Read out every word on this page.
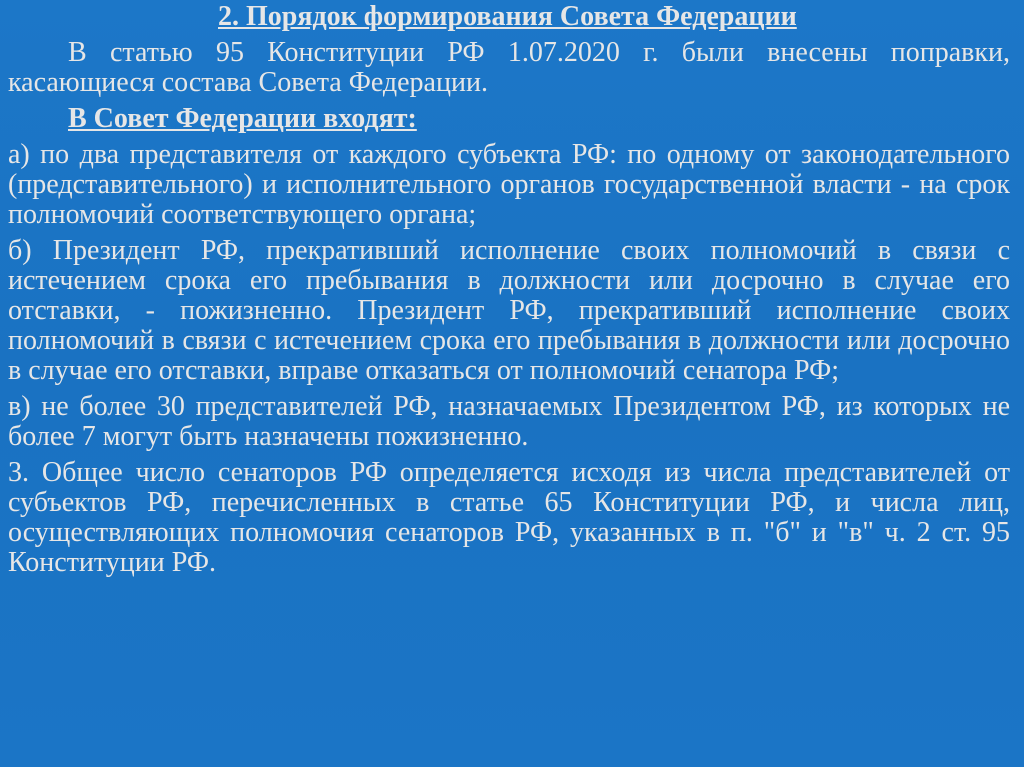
2. Порядок формирования Совета Федерации

В статью 95 Конституции РФ 1.07.2020 г. были внесены поправки, касающиеся состава Совета Федерации.

В Совет Федерации входят:

а) по два представителя от каждого субъекта РФ: по одному от законодательного (представительного) и исполнительного органов государственной власти - на срок полномочий соответствующего органа;

б) Президент РФ, прекративший исполнение своих полномочий в связи с истечением срока его пребывания в должности или досрочно в случае его отставки, - пожизненно. Президент РФ, прекративший исполнение своих полномочий в связи с истечением срока его пребывания в должности или досрочно в случае его отставки, вправе отказаться от полномочий сенатора РФ;

в) не более 30 представителей РФ, назначаемых Президентом РФ, из которых не более 7 могут быть назначены пожизненно.

3. Общее число сенаторов РФ определяется исходя из числа представителей от субъектов РФ, перечисленных в статье 65 Конституции РФ, и числа лиц, осуществляющих полномочия сенаторов РФ, указанных в п. "б" и "в" ч. 2 ст. 95 Конституции РФ.
